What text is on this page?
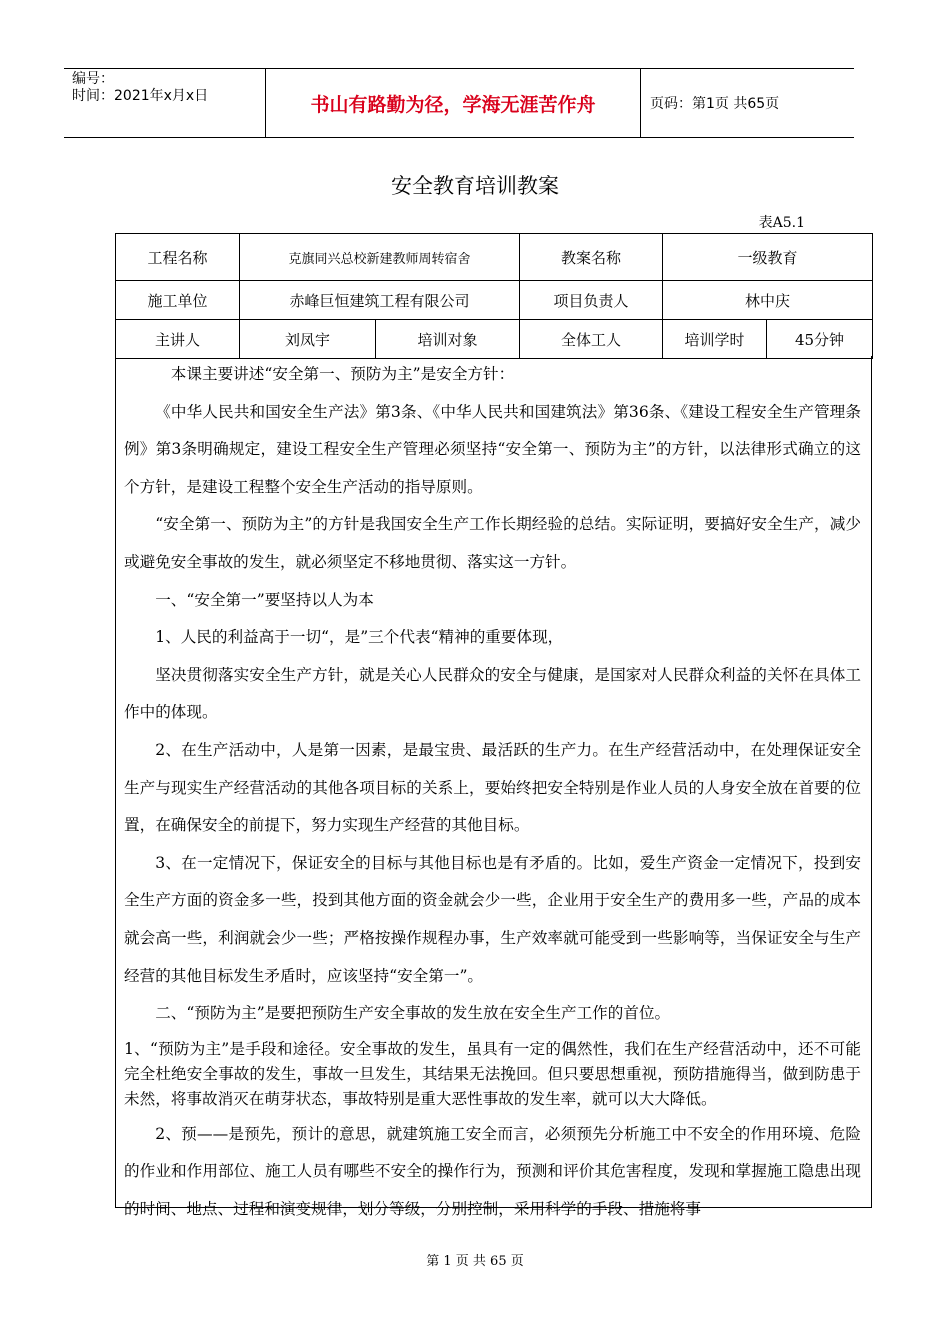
编号：
时间：2021年x月x日	书山有路勤为径，学海无涯苦作舟	页码：第1页 共65页
安全教育培训教案
表A5.1
工程名称	克旗同兴总校新建教师周转宿舍		教案名称	一级教育	
施工单位	赤峰巨恒建筑工程有限公司		项目负责人	林中庆	
主讲人	刘凤宇	培训对象	全体工人	培训学时	45分钟

本课主要讲述“安全第一、预防为主”是安全方针：

《中华人民共和国安全生产法》第3条、《中华人民共和国建筑法》第36条、《建设工程安全生产管理条例》第3条明确规定，建设工程安全生产管理必须坚持“安全第一、预防为主”的方针，以法律形式确立的这个方针，是建设工程整个安全生产活动的指导原则。

“安全第一、预防为主”的方针是我国安全生产工作长期经验的总结。实际证明，要搞好安全生产，减少或避免安全事故的发生，就必须坚定不移地贯彻、落实这一方针。

一、“安全第一”要坚持以人为本

1、人民的利益高于一切“，是”三个代表“精神的重要体现，

坚决贯彻落实安全生产方针，就是关心人民群众的安全与健康，是国家对人民群众利益的关怀在具体工作中的体现。

2、在生产活动中，人是第一因素，是最宝贵、最活跃的生产力。在生产经营活动中，在处理保证安全生产与现实生产经营活动的其他各项目标的关系上，要始终把安全特别是作业人员的人身安全放在首要的位置，在确保安全的前提下，努力实现生产经营的其他目标。

3、在一定情况下，保证安全的目标与其他目标也是有矛盾的。比如，爱生产资金一定情况下，投到安全生产方面的资金多一些，投到其他方面的资金就会少一些，企业用于安全生产的费用多一些，产品的成本就会高一些，利润就会少一些；严格按操作规程办事，生产效率就可能受到一些影响等，当保证安全与生产经营的其他目标发生矛盾时，应该坚持“安全第一”。

二、“预防为主”是要把预防生产安全事故的发生放在安全生产工作的首位。

1、“预防为主”是手段和途径。安全事故的发生，虽具有一定的偶然性，我们在生产经营活动中，还不可能完全杜绝安全事故的发生，事故一旦发生，其结果无法挽回。但只要思想重视，预防措施得当，做到防患于未然，将事故消灭在萌芽状态，事故特别是重大恶性事故的发生率，就可以大大降低。

2、预——是预先，预计的意思，就建筑施工安全而言，必须预先分析施工中不安全的作用环境、危险的作业和作用部位、施工人员有哪些不安全的操作行为，预测和评价其危害程度，发现和掌握施工隐患出现的时间、地点、过程和演变规律，划分等级，分别控制，采用科学的手段、措施将事

第 1 页 共 65 页
